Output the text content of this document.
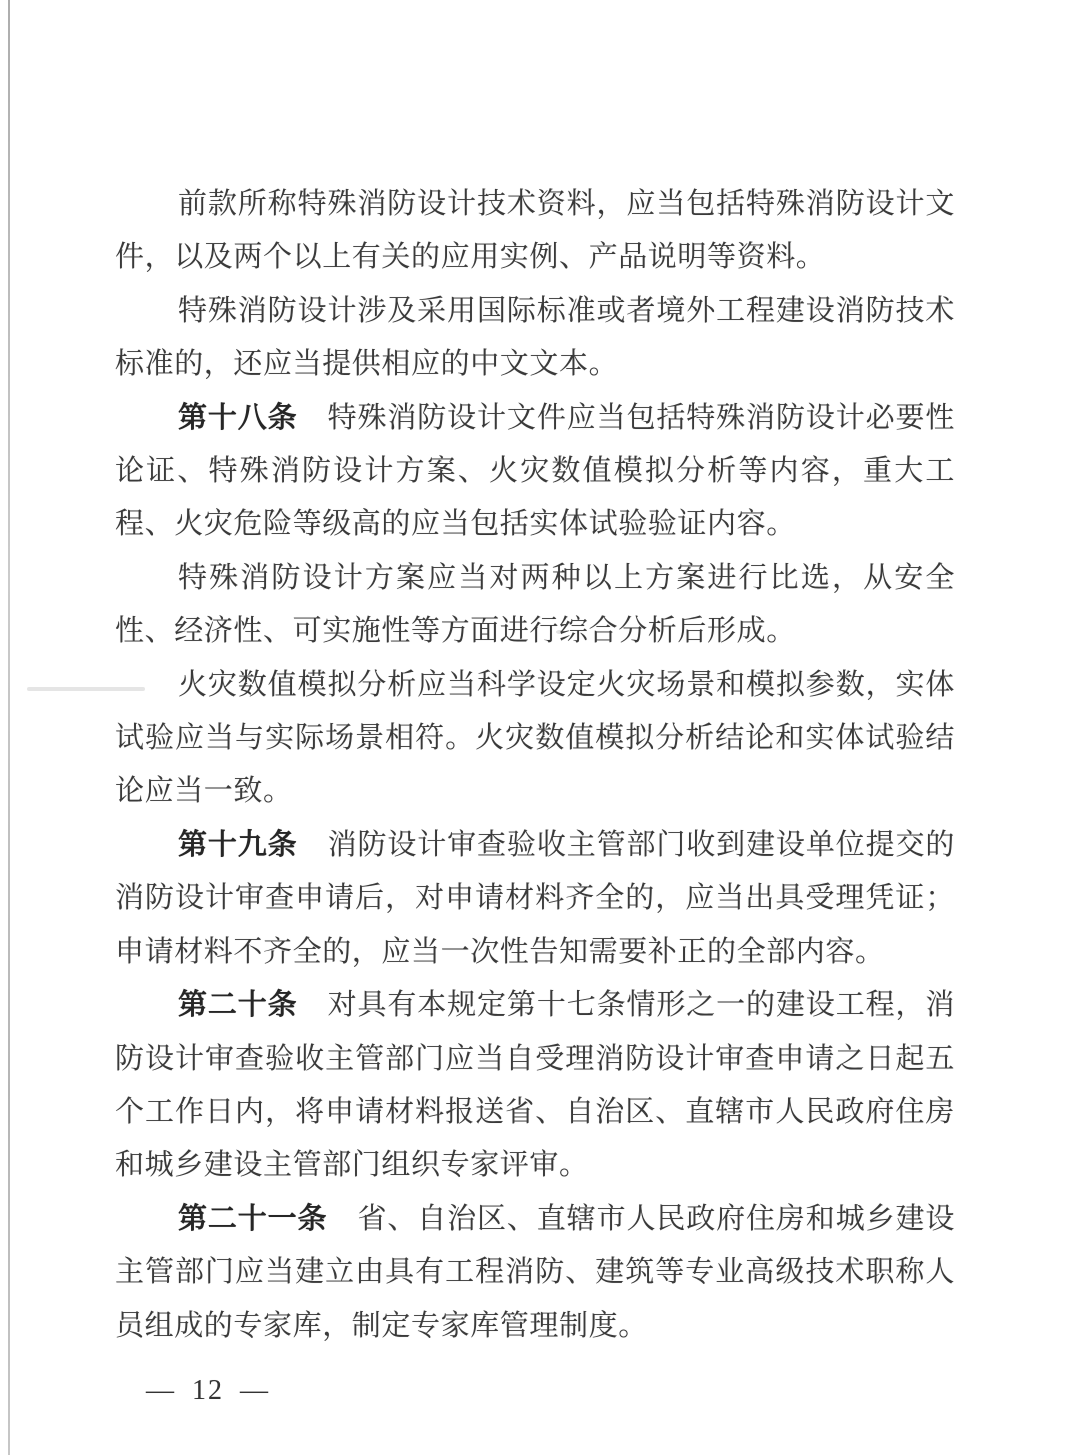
前款所称特殊消防设计技术资料，应当包括特殊消防设计文件，以及两个以上有关的应用实例、产品说明等资料。

特殊消防设计涉及采用国际标准或者境外工程建设消防技术标准的，还应当提供相应的中文文本。

第十八条 特殊消防设计文件应当包括特殊消防设计必要性论证、特殊消防设计方案、火灾数值模拟分析等内容，重大工程、火灾危险等级高的应当包括实体试验验证内容。

特殊消防设计方案应当对两种以上方案进行比选，从安全性、经济性、可实施性等方面进行综合分析后形成。

火灾数值模拟分析应当科学设定火灾场景和模拟参数，实体试验应当与实际场景相符。火灾数值模拟分析结论和实体试验结论应当一致。

第十九条 消防设计审查验收主管部门收到建设单位提交的消防设计审查申请后，对申请材料齐全的，应当出具受理凭证；申请材料不齐全的，应当一次性告知需要补正的全部内容。

第二十条 对具有本规定第十七条情形之一的建设工程，消防设计审查验收主管部门应当自受理消防设计审查申请之日起五个工作日内，将申请材料报送省、自治区、直辖市人民政府住房和城乡建设主管部门组织专家评审。

第二十一条 省、自治区、直辖市人民政府住房和城乡建设主管部门应当建立由具有工程消防、建筑等专业高级技术职称人员组成的专家库，制定专家库管理制度。

— 12 —
